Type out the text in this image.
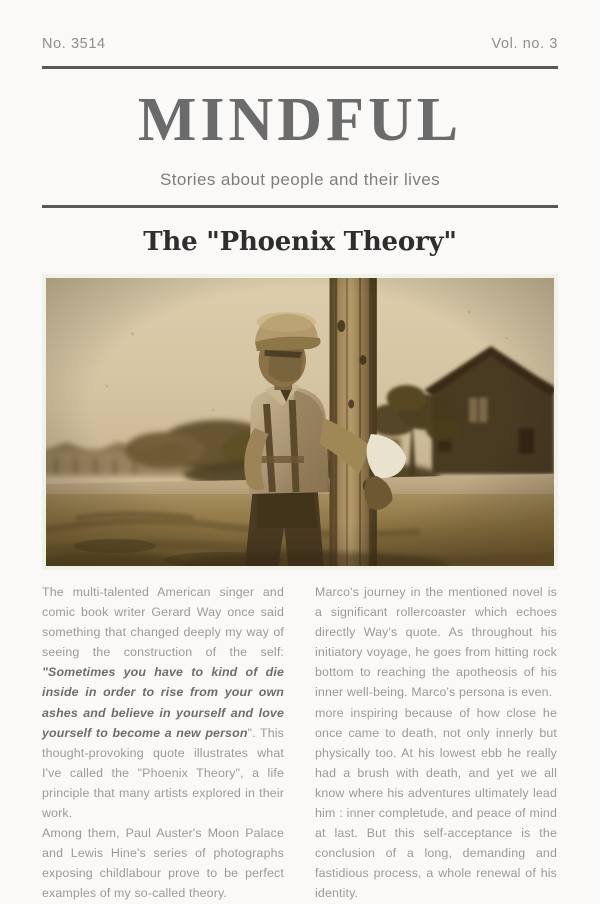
No. 3514	Vol. no. 3
MINDFUL
Stories about people and their lives
The "Phoenix Theory"

The multi-talented American singer and comic book writer Gerard Way once said something that changed deeply my way of seeing the construction of the self: "Sometimes you have to kind of die inside in order to rise from your own ashes and believe in yourself and love yourself to become a new person". This thought-provoking quote illustrates what I've called the "Phoenix Theory", a life principle that many artists explored in their work.

Among them, Paul Auster's Moon Palace and Lewis Hine's series of photographs exposing childlabour prove to be perfect examples of my so-called theory.

Marco's journey in the mentioned novel is a significant rollercoaster which echoes directly Way's quote. As throughout his initiatory voyage, he goes from hitting rock bottom to reaching the apotheosis of his inner well-being. Marco's persona is even.

more inspiring because of how close he once came to death, not only innerly but physically too. At his lowest ebb he really had a brush with death, and yet we all know where his adventures ultimately lead him : inner completude, and peace of mind at last. But this self-acceptance is the conclusion of a long, demanding and fastidious process, a whole renewal of his identity.
